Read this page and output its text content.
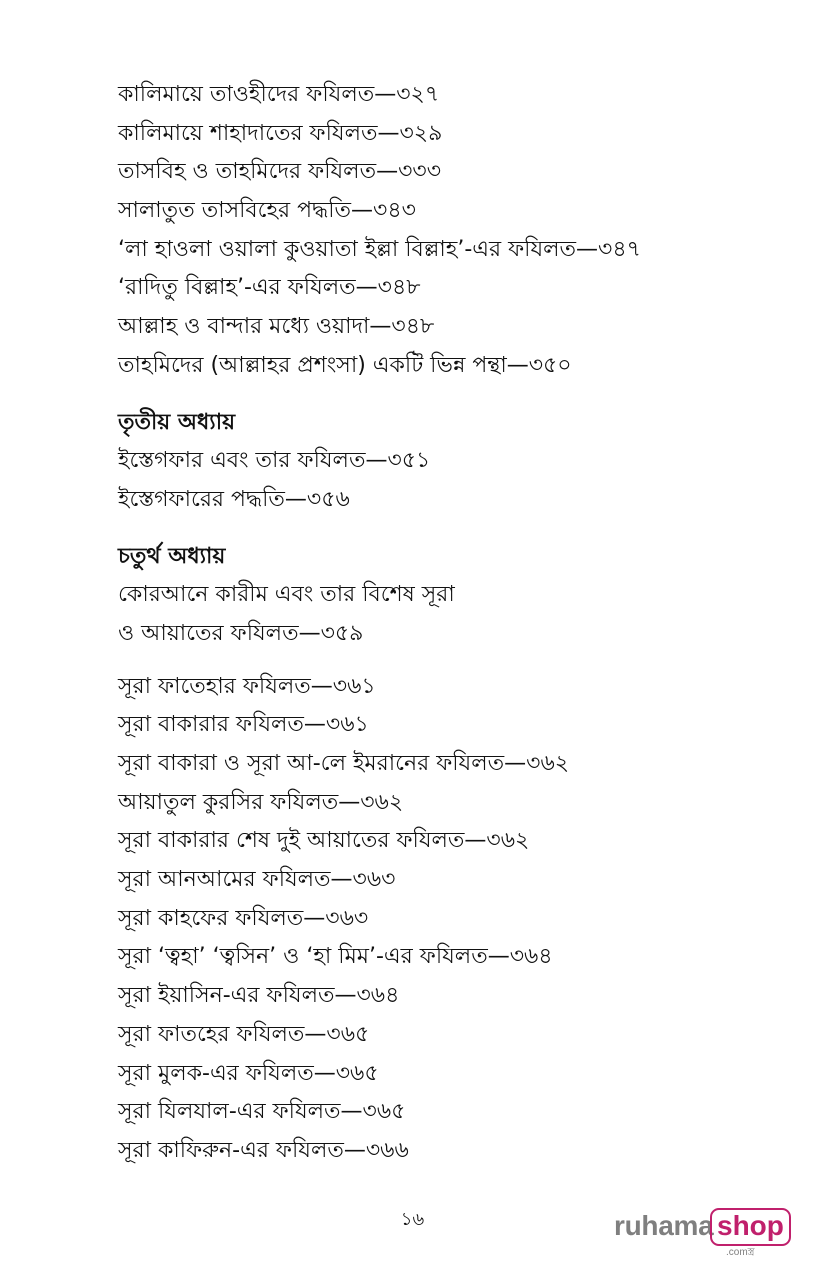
কালিমায়ে তাওহীদের ফযিলত—৩২৭
কালিমায়ে শাহাদাতের ফযিলত—৩২৯
তাসবিহ ও তাহমিদের ফযিলত—৩৩৩
সালাতুত তাসবিহের পদ্ধতি—৩৪৩
‘লা হাওলা ওয়ালা কুওয়াতা ইল্লা বিল্লাহ’-এর ফযিলত—৩৪৭
‘রাদিতু বিল্লাহ’-এর ফযিলত—৩৪৮
আল্লাহ ও বান্দার মধ্যে ওয়াদা—৩৪৮
তাহমিদের (আল্লাহর প্রশংসা) একটি ভিন্ন পন্থা—৩৫০
তৃতীয় অধ্যায়
ইস্তেগফার এবং তার ফযিলত—৩৫১
ইস্তেগফারের পদ্ধতি—৩৫৬
চতুর্থ অধ্যায়
কোরআনে কারীম এবং তার বিশেষ সূরা
ও আয়াতের ফযিলত—৩৫৯
সূরা ফাতেহার ফযিলত—৩৬১
সূরা বাকারার ফযিলত—৩৬১
সূরা বাকারা ও সূরা আ-লে ইমরানের ফযিলত—৩৬২
আয়াতুল কুরসির ফযিলত—৩৬২
সূরা বাকারার শেষ দুই আয়াতের ফযিলত—৩৬২
সূরা আনআমের ফযিলত—৩৬৩
সূরা কাহফের ফযিলত—৩৬৩
সূরা ‘ত্বহা’ ‘ত্বসিন’ ও ‘হা মিম’-এর ফযিলত—৩৬৪
সূরা ইয়াসিন-এর ফযিলত—৩৬৪
সূরা ফাতহের ফযিলত—৩৬৫
সূরা মুলক-এর ফযিলত—৩৬৫
সূরা যিলযাল-এর ফযিলত—৩৬৫
সূরা কাফিরুন-এর ফযিলত—৩৬৬
১৬	ruhama shop
.comস্ত্র
